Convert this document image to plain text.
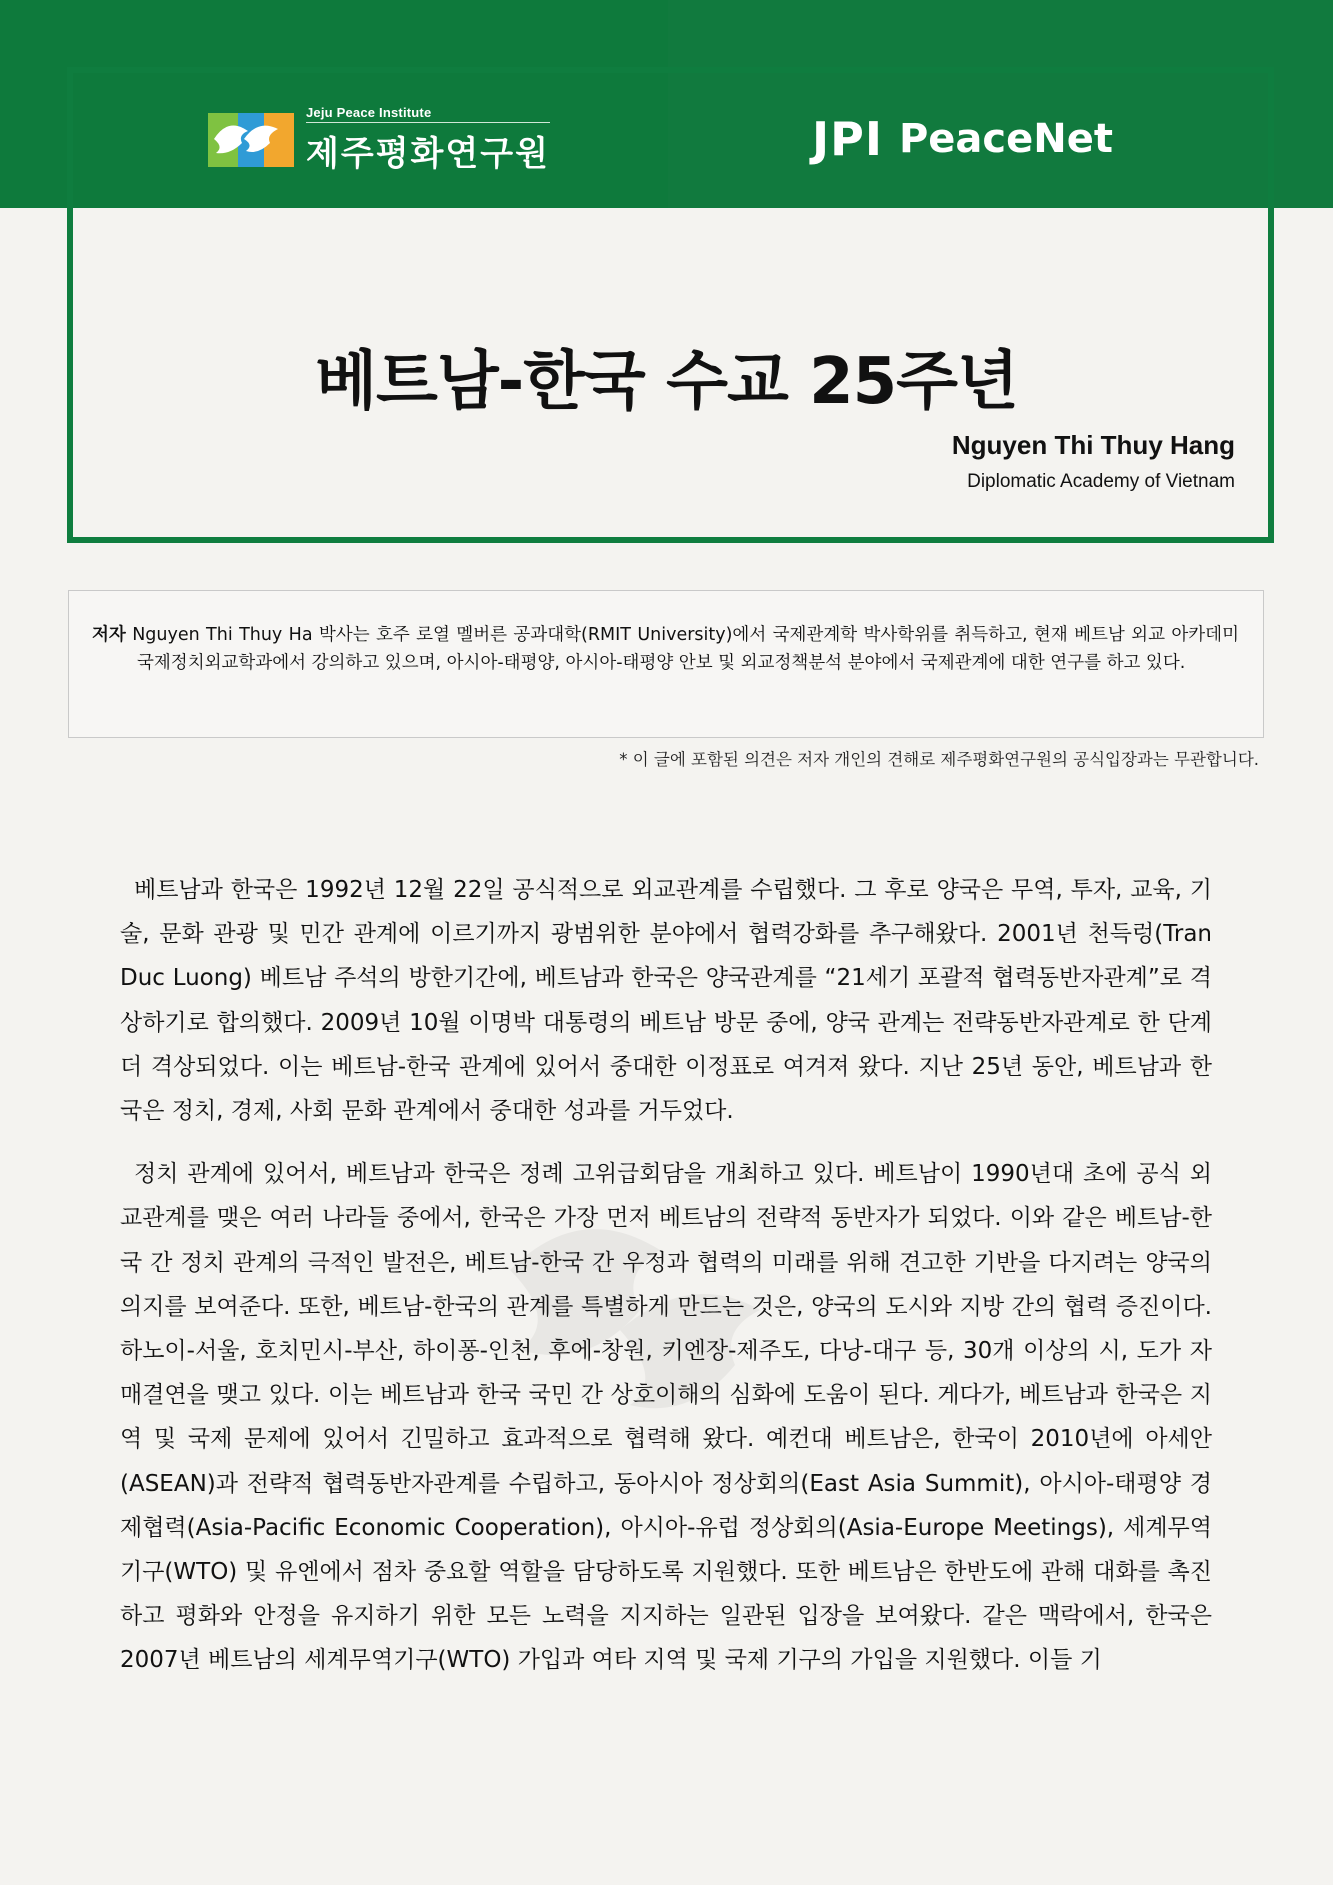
Jeju Peace Institute
제주평화연구원	JPI PeaceNet
베트남-한국 수교 25주년
Nguyen Thi Thuy Hang
Diplomatic Academy of Vietnam
저자 Nguyen Thi Thuy Ha 박사는 호주 로열 멜버른 공과대학(RMIT University)에서 국제관계학 박사학위를 취득하고, 현재 베트남 외교 아카데미 국제정치외교학과에서 강의하고 있으며, 아시아-태평양, 아시아-태평양 안보 및 외교정책분석 분야에서 국제관계에 대한 연구를 하고 있다.
* 이 글에 포함된 의견은 저자 개인의 견해로 제주평화연구원의 공식입장과는 무관합니다.

베트남과 한국은 1992년 12월 22일 공식적으로 외교관계를 수립했다. 그 후로 양국은 무역, 투자, 교육, 기술, 문화 관광 및 민간 관계에 이르기까지 광범위한 분야에서 협력강화를 추구해왔다. 2001년 천득렁(Tran Duc Luong) 베트남 주석의 방한기간에, 베트남과 한국은 양국관계를 “21세기 포괄적 협력동반자관계”로 격상하기로 합의했다. 2009년 10월 이명박 대통령의 베트남 방문 중에, 양국 관계는 전략동반자관계로 한 단계 더 격상되었다. 이는 베트남-한국 관계에 있어서 중대한 이정표로 여겨져 왔다. 지난 25년 동안, 베트남과 한국은 정치, 경제, 사회 문화 관계에서 중대한 성과를 거두었다.

정치 관계에 있어서, 베트남과 한국은 정례 고위급회담을 개최하고 있다. 베트남이 1990년대 초에 공식 외교관계를 맺은 여러 나라들 중에서, 한국은 가장 먼저 베트남의 전략적 동반자가 되었다. 이와 같은 베트남-한국 간 정치 관계의 극적인 발전은, 베트남-한국 간 우정과 협력의 미래를 위해 견고한 기반을 다지려는 양국의 의지를 보여준다. 또한, 베트남-한국의 관계를 특별하게 만드는 것은, 양국의 도시와 지방 간의 협력 증진이다. 하노이-서울, 호치민시-부산, 하이퐁-인천, 후에-창원, 키엔장-제주도, 다낭-대구 등, 30개 이상의 시, 도가 자매결연을 맺고 있다. 이는 베트남과 한국 국민 간 상호이해의 심화에 도움이 된다. 게다가, 베트남과 한국은 지역 및 국제 문제에 있어서 긴밀하고 효과적으로 협력해 왔다. 예컨대 베트남은, 한국이 2010년에 아세안(ASEAN)과 전략적 협력동반자관계를 수립하고, 동아시아 정상회의(East Asia Summit), 아시아-태평양 경제협력(Asia-Pacific Economic Cooperation), 아시아-유럽 정상회의(Asia-Europe Meetings), 세계무역기구(WTO) 및 유엔에서 점차 중요할 역할을 담당하도록 지원했다. 또한 베트남은 한반도에 관해 대화를 촉진하고 평화와 안정을 유지하기 위한 모든 노력을 지지하는 일관된 입장을 보여왔다. 같은 맥락에서, 한국은 2007년 베트남의 세계무역기구(WTO) 가입과 여타 지역 및 국제 기구의 가입을 지원했다. 이들 기
